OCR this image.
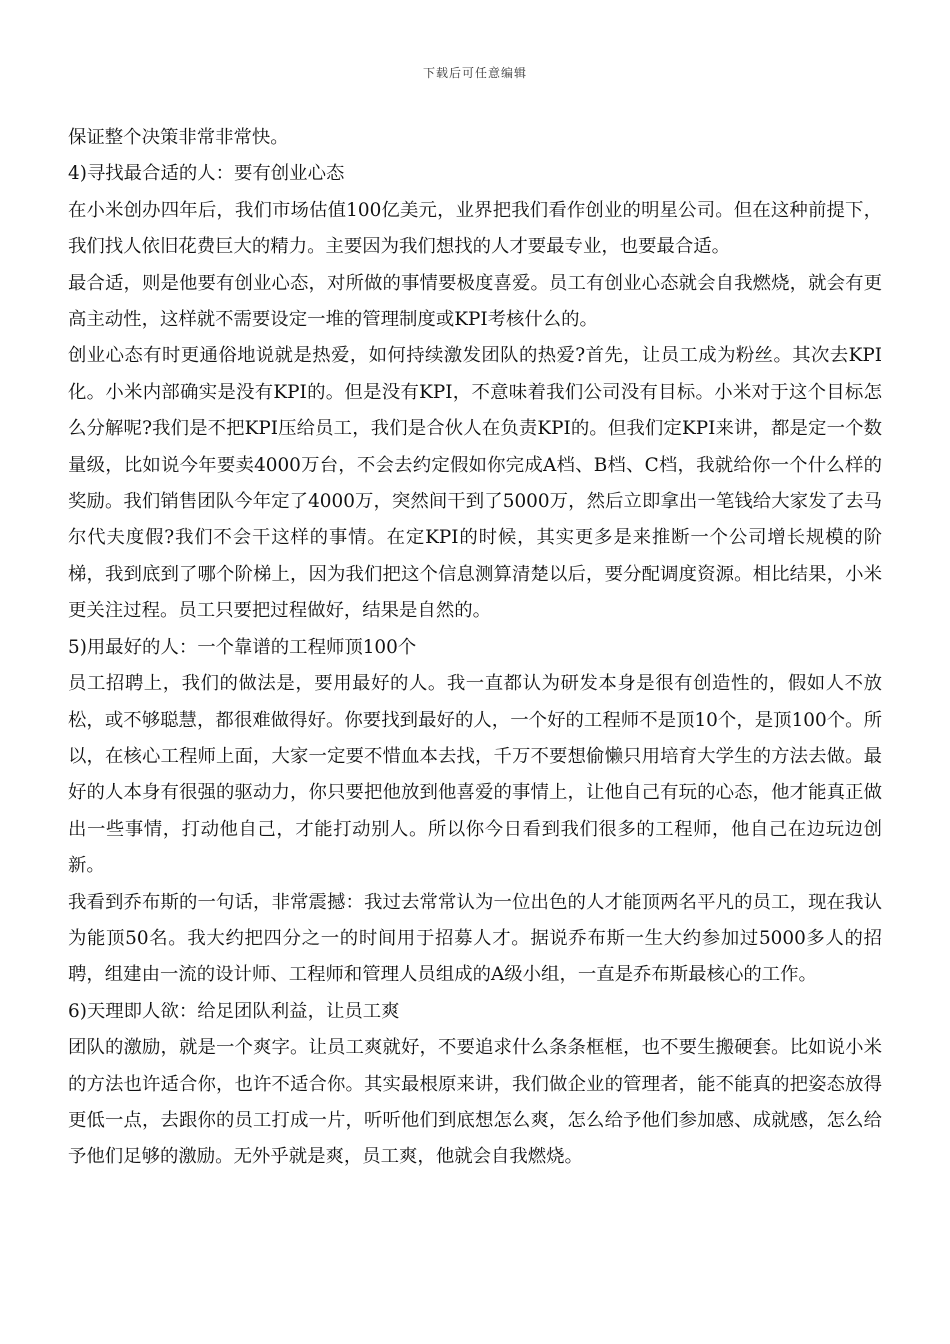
下载后可任意编辑

保证整个决策非常非常快。

4)寻找最合适的人：要有创业心态

在小米创办四年后，我们市场估值100亿美元，业界把我们看作创业的明星公司。但在这种前提下，我们找人依旧花费巨大的精力。主要因为我们想找的人才要最专业，也要最合适。

最合适，则是他要有创业心态，对所做的事情要极度喜爱。员工有创业心态就会自我燃烧，就会有更高主动性，这样就不需要设定一堆的管理制度或KPI考核什么的。

创业心态有时更通俗地说就是热爱，如何持续激发团队的热爱?首先，让员工成为粉丝。其次去KPI化。小米内部确实是没有KPI的。但是没有KPI，不意味着我们公司没有目标。小米对于这个目标怎么分解呢?我们是不把KPI压给员工，我们是合伙人在负责KPI的。但我们定KPI来讲，都是定一个数量级，比如说今年要卖4000万台，不会去约定假如你完成A档、B档、C档，我就给你一个什么样的奖励。我们销售团队今年定了4000万，突然间干到了5000万，然后立即拿出一笔钱给大家发了去马尔代夫度假?我们不会干这样的事情。在定KPI的时候，其实更多是来推断一个公司增长规模的阶梯，我到底到了哪个阶梯上，因为我们把这个信息测算清楚以后，要分配调度资源。相比结果，小米更关注过程。员工只要把过程做好，结果是自然的。

5)用最好的人：一个靠谱的工程师顶100个

员工招聘上，我们的做法是，要用最好的人。我一直都认为研发本身是很有创造性的，假如人不放松，或不够聪慧，都很难做得好。你要找到最好的人，一个好的工程师不是顶10个，是顶100个。所以，在核心工程师上面，大家一定要不惜血本去找，千万不要想偷懒只用培育大学生的方法去做。最好的人本身有很强的驱动力，你只要把他放到他喜爱的事情上，让他自己有玩的心态，他才能真正做出一些事情，打动他自己，才能打动别人。所以你今日看到我们很多的工程师，他自己在边玩边创新。

我看到乔布斯的一句话，非常震撼：我过去常常认为一位出色的人才能顶两名平凡的员工，现在我认为能顶50名。我大约把四分之一的时间用于招募人才。据说乔布斯一生大约参加过5000多人的招聘，组建由一流的设计师、工程师和管理人员组成的A级小组，一直是乔布斯最核心的工作。

6)天理即人欲：给足团队利益，让员工爽

团队的激励，就是一个爽字。让员工爽就好，不要追求什么条条框框，也不要生搬硬套。比如说小米的方法也许适合你，也许不适合你。其实最根原来讲，我们做企业的管理者，能不能真的把姿态放得更低一点，去跟你的员工打成一片，听听他们到底想怎么爽，怎么给予他们参加感、成就感，怎么给予他们足够的激励。无外乎就是爽，员工爽，他就会自我燃烧。
